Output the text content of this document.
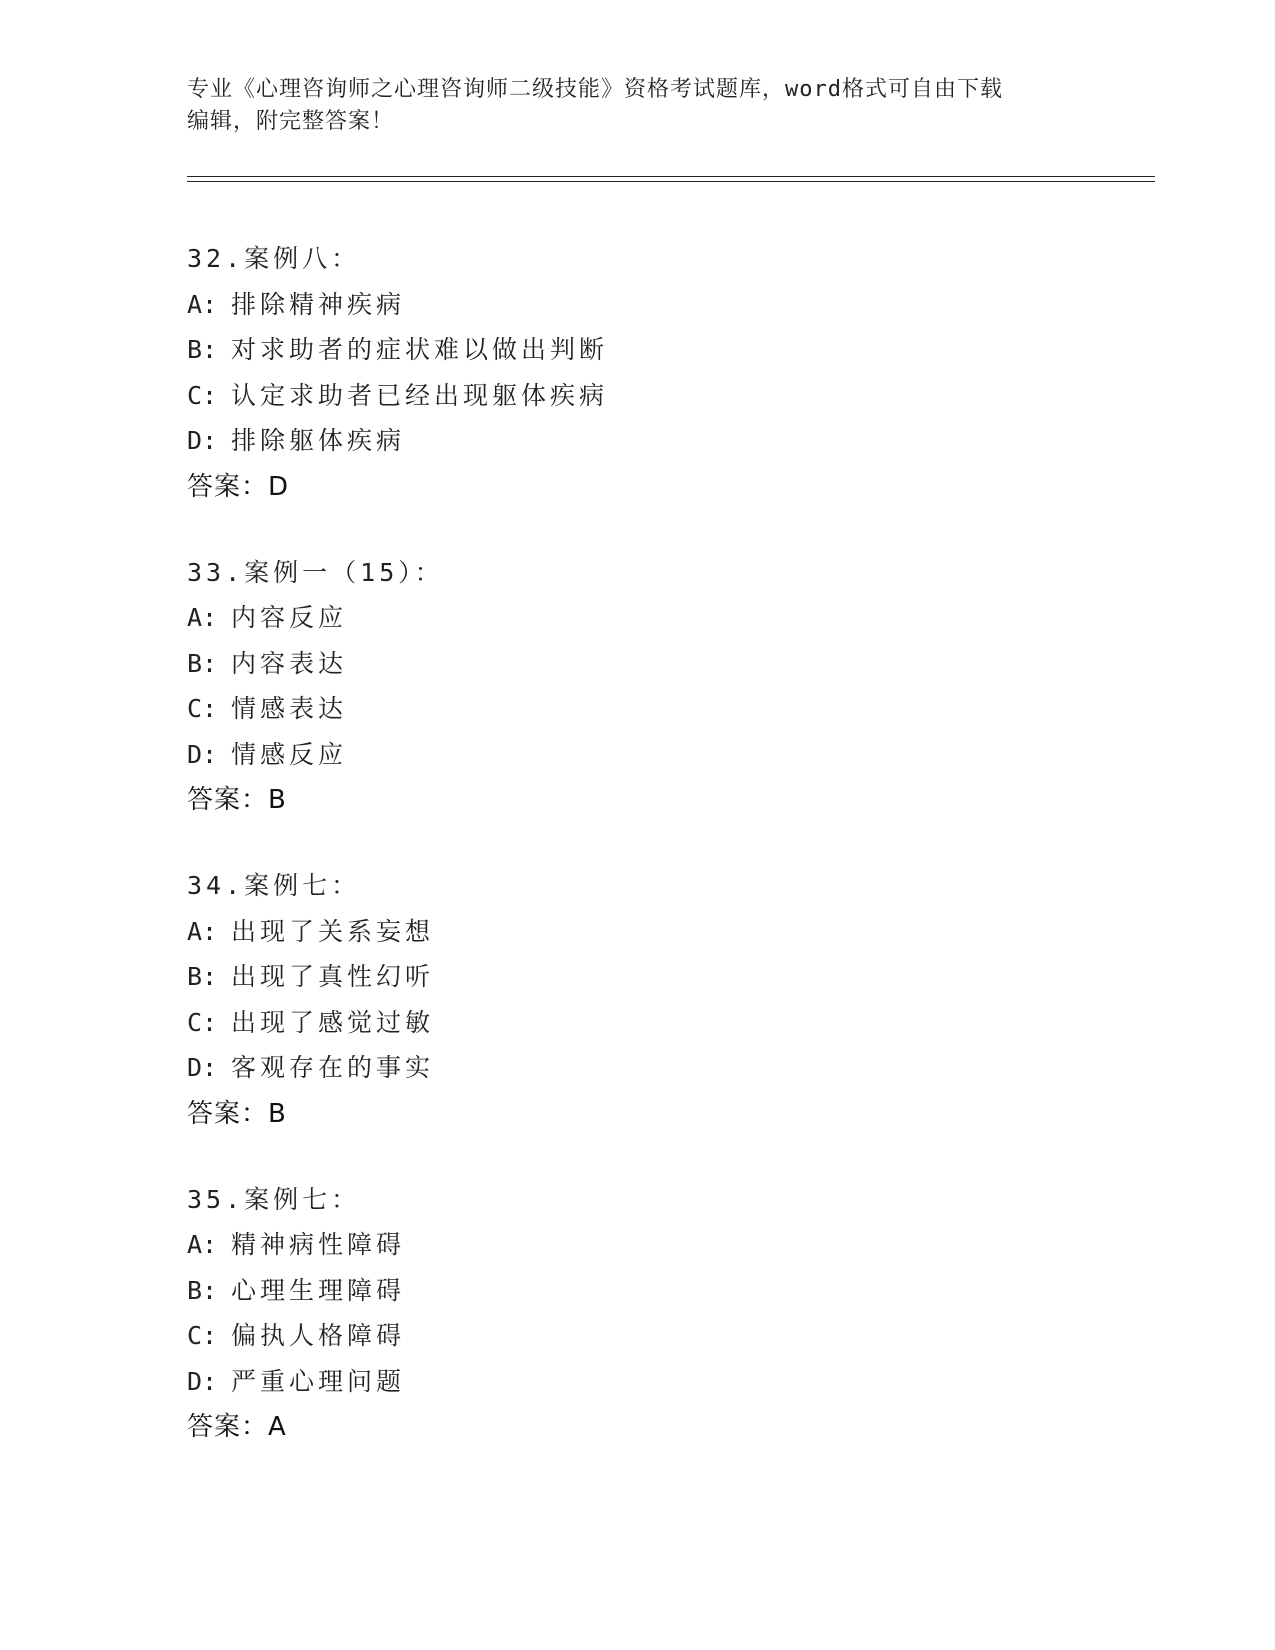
专业《心理咨询师之心理咨询师二级技能》资格考试题库，word格式可自由下载
编辑，附完整答案！
32.案例八：
A: 排除精神疾病
B: 对求助者的症状难以做出判断
C: 认定求助者已经出现躯体疾病
D: 排除躯体疾病
答案：D
33.案例一（15）：
A: 内容反应
B: 内容表达
C: 情感表达
D: 情感反应
答案：B
34.案例七：
A: 出现了关系妄想
B: 出现了真性幻听
C: 出现了感觉过敏
D: 客观存在的事实
答案：B
35.案例七：
A: 精神病性障碍
B: 心理生理障碍
C: 偏执人格障碍
D: 严重心理问题
答案：A
